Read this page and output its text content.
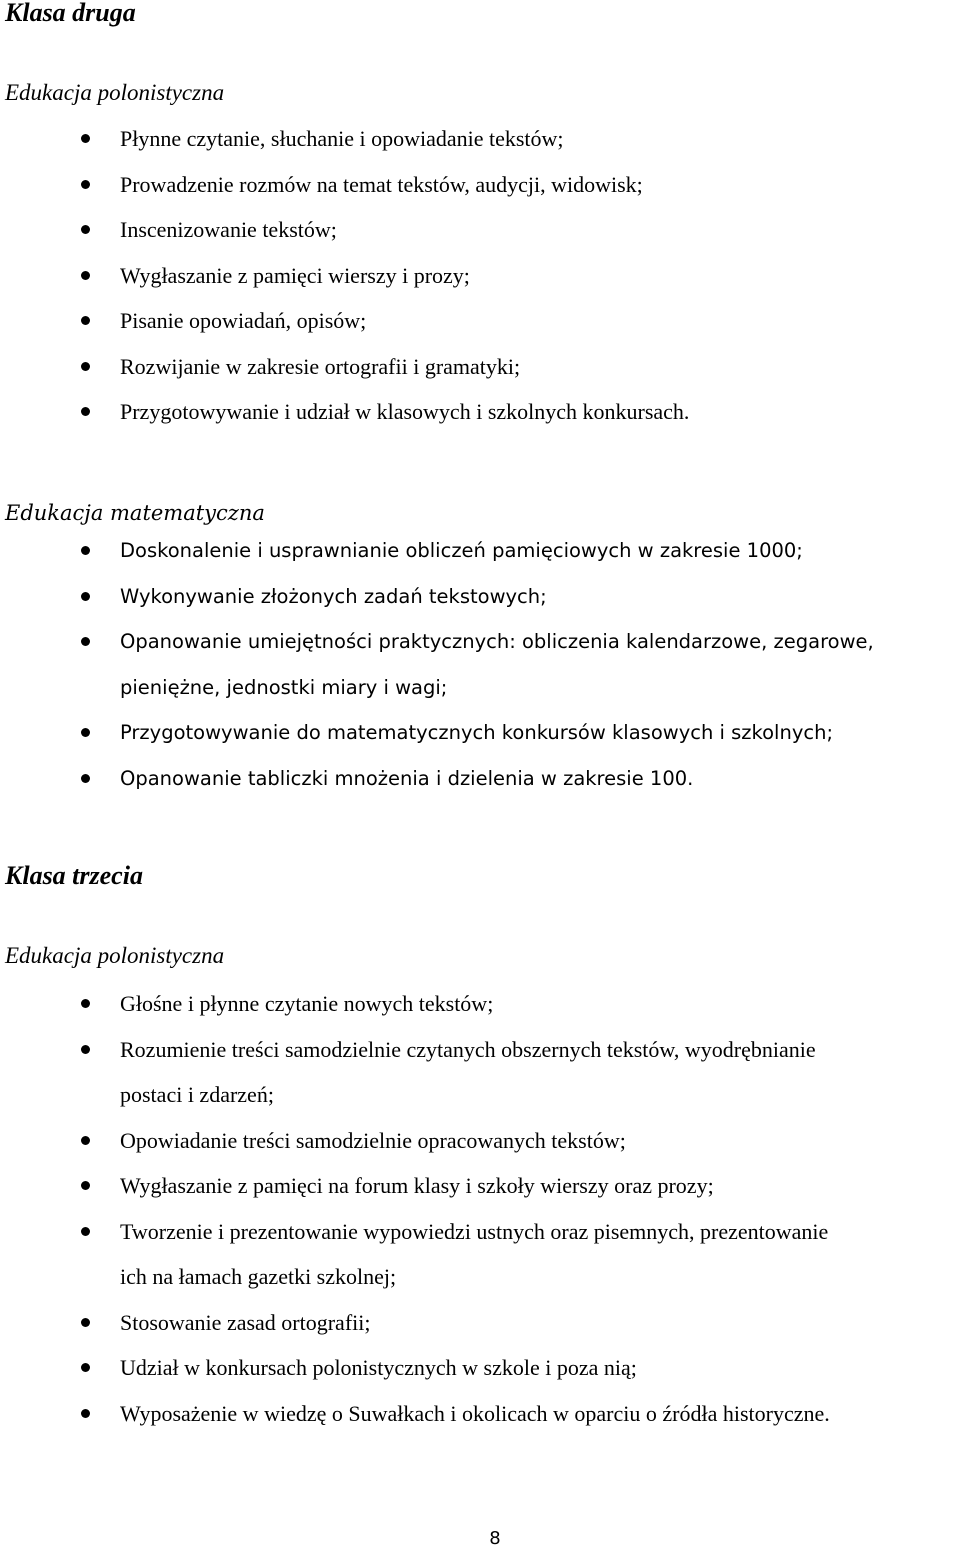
Klasa druga
Edukacja polonistyczna
Płynne czytanie, słuchanie i opowiadanie tekstów;
Prowadzenie rozmów na temat tekstów, audycji, widowisk;
Inscenizowanie tekstów;
Wygłaszanie z pamięci wierszy i prozy;
Pisanie opowiadań, opisów;
Rozwijanie w zakresie ortografii i gramatyki;
Przygotowywanie i udział w klasowych i szkolnych konkursach.
Edukacja matematyczna
Doskonalenie i usprawnianie obliczeń pamięciowych w zakresie 1000;
Wykonywanie złożonych zadań tekstowych;
Opanowanie umiejętności praktycznych: obliczenia kalendarzowe, zegarowe,
pieniężne, jednostki miary i wagi;
Przygotowywanie do matematycznych konkursów klasowych i szkolnych;
Opanowanie tabliczki mnożenia i dzielenia w zakresie 100.
Klasa trzecia
Edukacja polonistyczna
Głośne i płynne czytanie nowych tekstów;
Rozumienie treści samodzielnie czytanych obszernych tekstów, wyodrębnianie
postaci i zdarzeń;
Opowiadanie treści samodzielnie opracowanych tekstów;
Wygłaszanie z pamięci na forum klasy i szkoły wierszy oraz prozy;
Tworzenie i prezentowanie wypowiedzi ustnych oraz pisemnych, prezentowanie
ich na łamach gazetki szkolnej;
Stosowanie zasad ortografii;
Udział w konkursach polonistycznych w szkole i poza nią;
Wyposażenie w wiedzę o Suwałkach i okolicach w oparciu o źródła historyczne.
8
